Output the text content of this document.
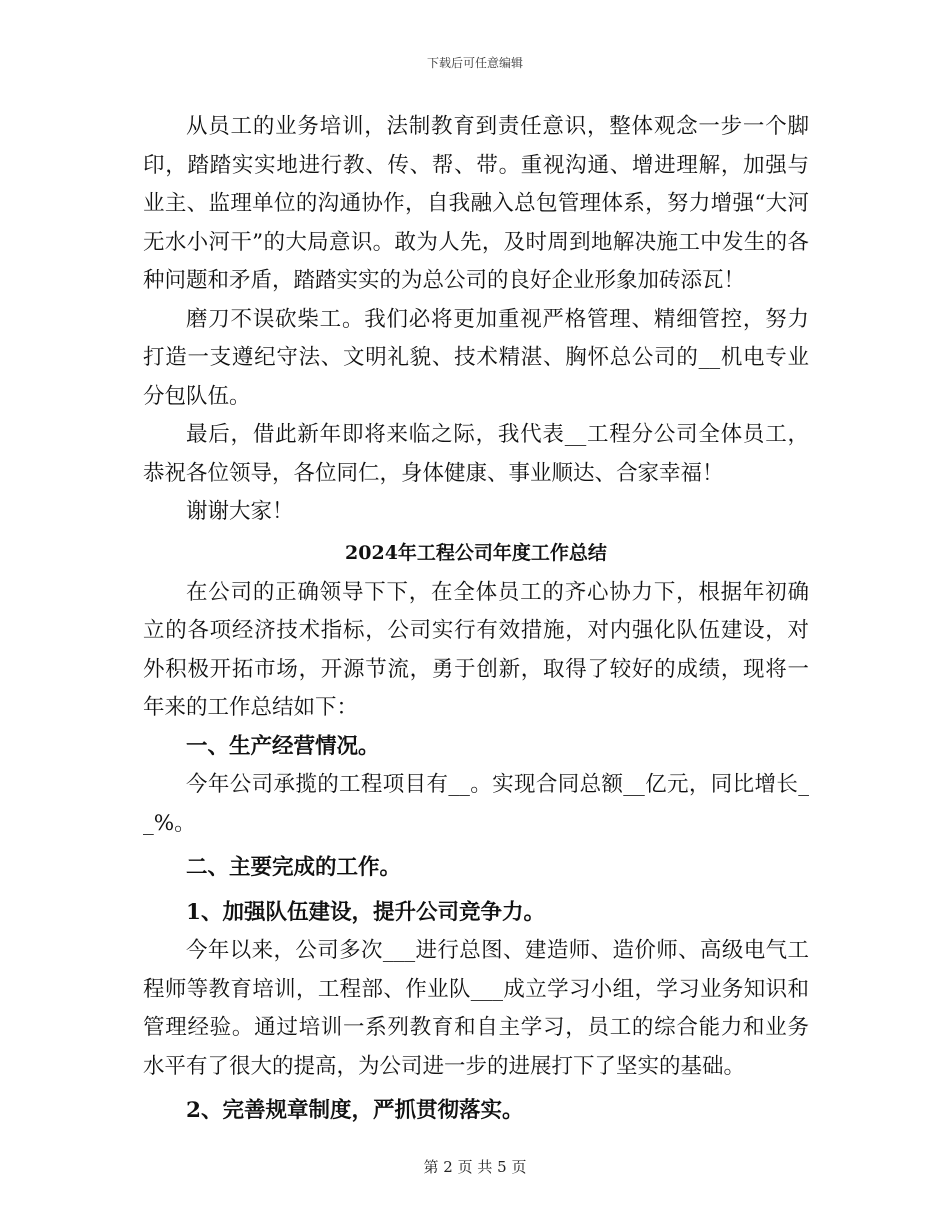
下载后可任意编辑

从员工的业务培训，法制教育到责任意识，整体观念一步一个脚印，踏踏实实地进行教、传、帮、带。重视沟通、增进理解，加强与业主、监理单位的沟通协作，自我融入总包管理体系，努力增强“大河无水小河干”的大局意识。敢为人先，及时周到地解决施工中发生的各种问题和矛盾，踏踏实实的为总公司的良好企业形象加砖添瓦！

磨刀不误砍柴工。我们必将更加重视严格管理、精细管控，努力打造一支遵纪守法、文明礼貌、技术精湛、胸怀总公司的__机电专业分包队伍。

最后，借此新年即将来临之际，我代表__工程分公司全体员工，恭祝各位领导，各位同仁，身体健康、事业顺达、合家幸福！

谢谢大家！

2024年工程公司年度工作总结

在公司的正确领导下下，在全体员工的齐心协力下，根据年初确立的各项经济技术指标，公司实行有效措施，对内强化队伍建设，对外积极开拓市场，开源节流，勇于创新，取得了较好的成绩，现将一年来的工作总结如下：

一、生产经营情况。

今年公司承揽的工程项目有__。实现合同总额__亿元，同比增长__%。

二、主要完成的工作。

1、加强队伍建设，提升公司竞争力。

今年以来，公司多次___进行总图、建造师、造价师、高级电气工程师等教育培训，工程部、作业队___成立学习小组，学习业务知识和管理经验。通过培训一系列教育和自主学习，员工的综合能力和业务水平有了很大的提高，为公司进一步的进展打下了坚实的基础。

2、完善规章制度，严抓贯彻落实。

第 2 页 共 5 页
